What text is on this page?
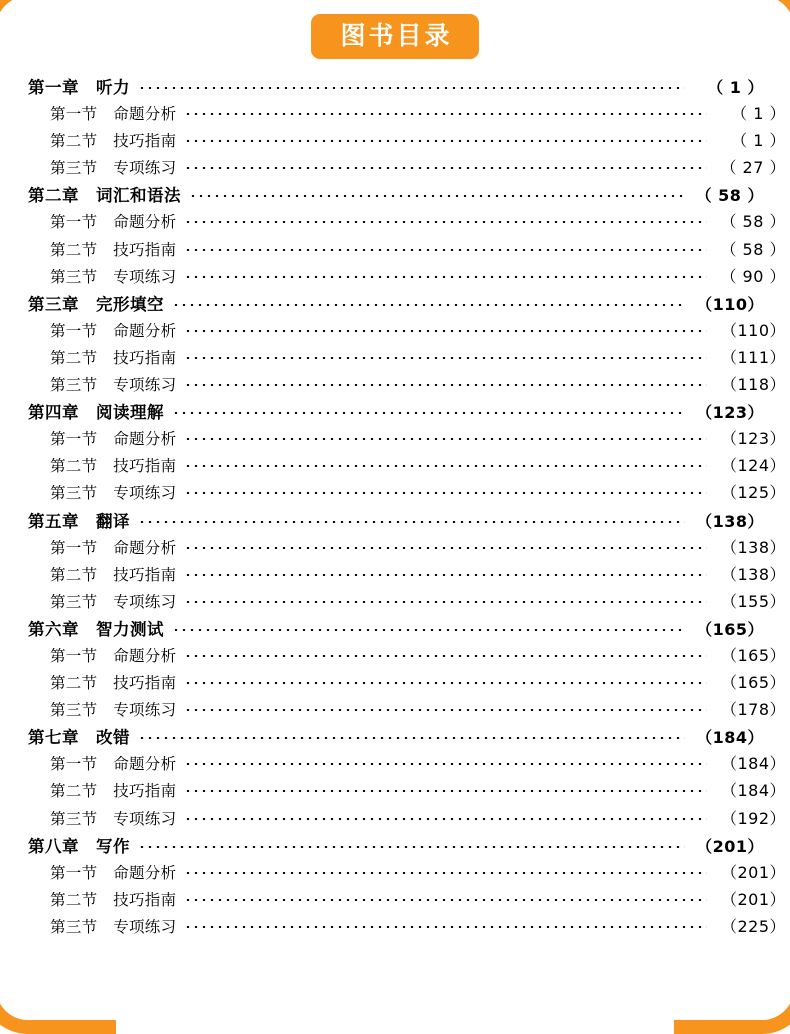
图书目录
第一章　听力	（ 1 ）
第一节　命题分析	（ 1 ）
第二节　技巧指南	（ 1 ）
第三节　专项练习	（ 27 ）
第二章　词汇和语法	（ 58 ）
第一节　命题分析	（ 58 ）
第二节　技巧指南	（ 58 ）
第三节　专项练习	（ 90 ）
第三章　完形填空	（110）
第一节　命题分析	（110）
第二节　技巧指南	（111）
第三节　专项练习	（118）
第四章　阅读理解	（123）
第一节　命题分析	（123）
第二节　技巧指南	（124）
第三节　专项练习	（125）
第五章　翻译	（138）
第一节　命题分析	（138）
第二节　技巧指南	（138）
第三节　专项练习	（155）
第六章　智力测试	（165）
第一节　命题分析	（165）
第二节　技巧指南	（165）
第三节　专项练习	（178）
第七章　改错	（184）
第一节　命题分析	（184）
第二节　技巧指南	（184）
第三节　专项练习	（192）
第八章　写作	（201）
第一节　命题分析	（201）
第二节　技巧指南	（201）
第三节　专项练习	（225）
